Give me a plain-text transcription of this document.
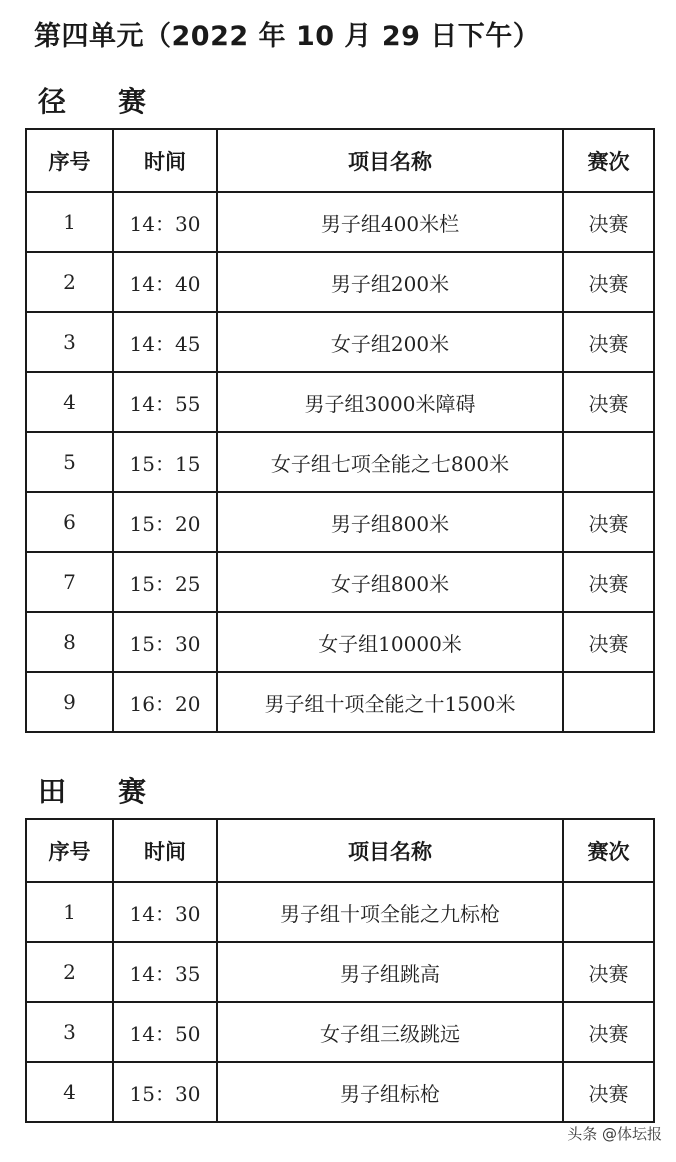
第四单元（2022 年 10 月 29 日下午）
径赛
序号	时间	项目名称	赛次
1	14：30	男子组400米栏	决赛
2	14：40	男子组200米	决赛
3	14：45	女子组200米	决赛
4	14：55	男子组3000米障碍	决赛
5	15：15	女子组七项全能之七800米	
6	15：20	男子组800米	决赛
7	15：25	女子组800米	决赛
8	15：30	女子组10000米	决赛
9	16：20	男子组十项全能之十1500米	
田赛
序号	时间	项目名称	赛次
1	14：30	男子组十项全能之九标枪	
2	14：35	男子组跳高	决赛
3	14：50	女子组三级跳远	决赛
4	15：30	男子组标枪	决赛
头条 @体坛报
